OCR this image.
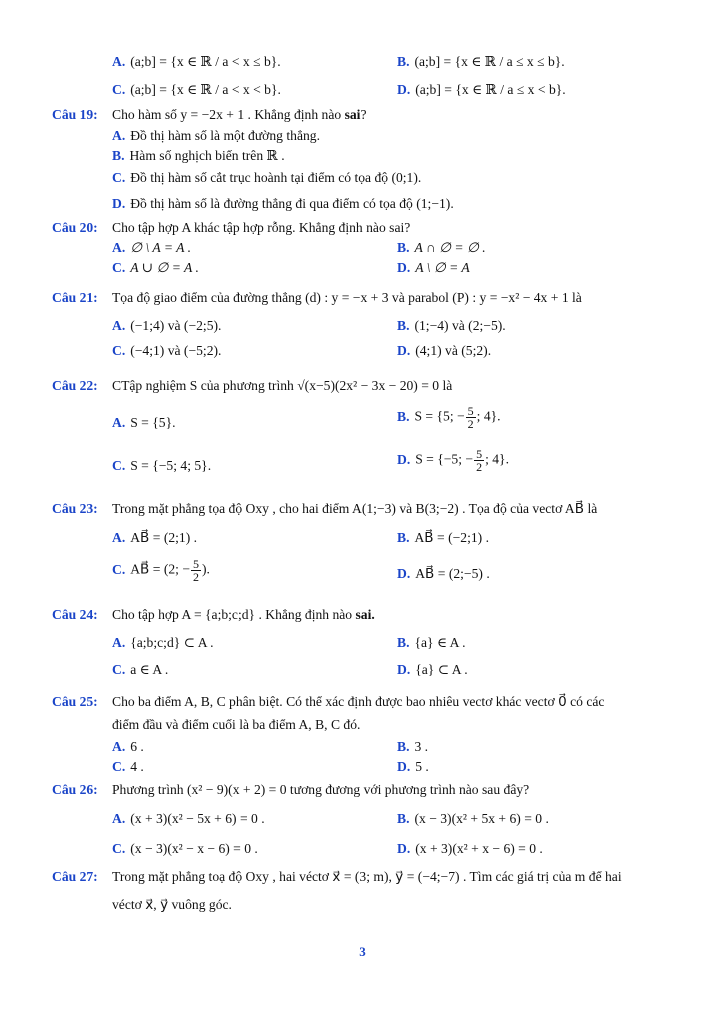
A. (a;b] = {x ∈ ℝ / a < x ≤ b}.	B. (a;b] = {x ∈ ℝ / a ≤ x ≤ b}.
C. (a;b] = {x ∈ ℝ / a < x < b}.	D. (a;b] = {x ∈ ℝ / a ≤ x < b}.
Câu 19: Cho hàm số y = −2x + 1 . Khẳng định nào sai?
A. Đồ thị hàm số là một đường thẳng.
B. Hàm số nghịch biến trên ℝ .
C. Đồ thị hàm số cắt trục hoành tại điểm có tọa độ (0;1).
D. Đồ thị hàm số là đường thẳng đi qua điểm có tọa độ (1;−1).
Câu 20: Cho tập hợp A khác tập hợp rỗng. Khẳng định nào sai?
A. ∅ \ A = A .	B. A ∩ ∅ = ∅ .
C. A ∪ ∅ = A .	D. A \ ∅ = A
Câu 21: Tọa độ giao điểm của đường thẳng (d) : y = −x + 3 và parabol (P) : y = −x² − 4x + 1 là
A. (−1;4) và (−2;5).	B. (1;−4) và (2;−5).
C. (−4;1) và (−5;2).	D. (4;1) và (5;2).
Câu 22: CTập nghiệm S của phương trình √(x−5)(2x² − 3x − 20) = 0 là
A. S = {5}.	B. S = {5; − $\frac{5}{2}$ ; 4}.
C. S = {−5; 4; 5}.	D. S = {−5; − $\frac{5}{2}$ ; 4}.
Câu 23: Trong mặt phẳng tọa độ Oxy , cho hai điểm A(1;−3) và B(3;−2) . Tọa độ của vectơ AB⃗ là
A. AB⃗ = (2;1) .	B. AB⃗ = (−2;1) .
C. AB⃗ = (2; − $\frac{5}{2}$ ).	D. AB⃗ = (2;−5) .
Câu 24: Cho tập hợp A = {a;b;c;d} . Khẳng định nào sai.
A. {a;b;c;d} ⊂ A .	B. {a} ∈ A .
C. a ∈ A .	D. {a} ⊂ A .
Câu 25: Cho ba điểm A, B, C phân biệt. Có thể xác định được bao nhiêu vectơ khác vectơ 0⃗ có các
điểm đầu và điểm cuối là ba điểm A, B, C đó.
A. 6 .	B. 3 .
C. 4 .	D. 5 .
Câu 26: Phương trình (x² − 9)(x + 2) = 0 tương đương với phương trình nào sau đây?
A. (x + 3)(x² − 5x + 6) = 0 .	B. (x − 3)(x² + 5x + 6) = 0 .
C. (x − 3)(x² − x − 6) = 0 .	D. (x + 3)(x² + x − 6) = 0 .
Câu 27: Trong mặt phẳng toạ độ Oxy , hai véctơ x⃗ = (3; m), y⃗ = (−4;−7) . Tìm các giá trị của m để hai
véctơ x⃗, y⃗ vuông góc.
3
